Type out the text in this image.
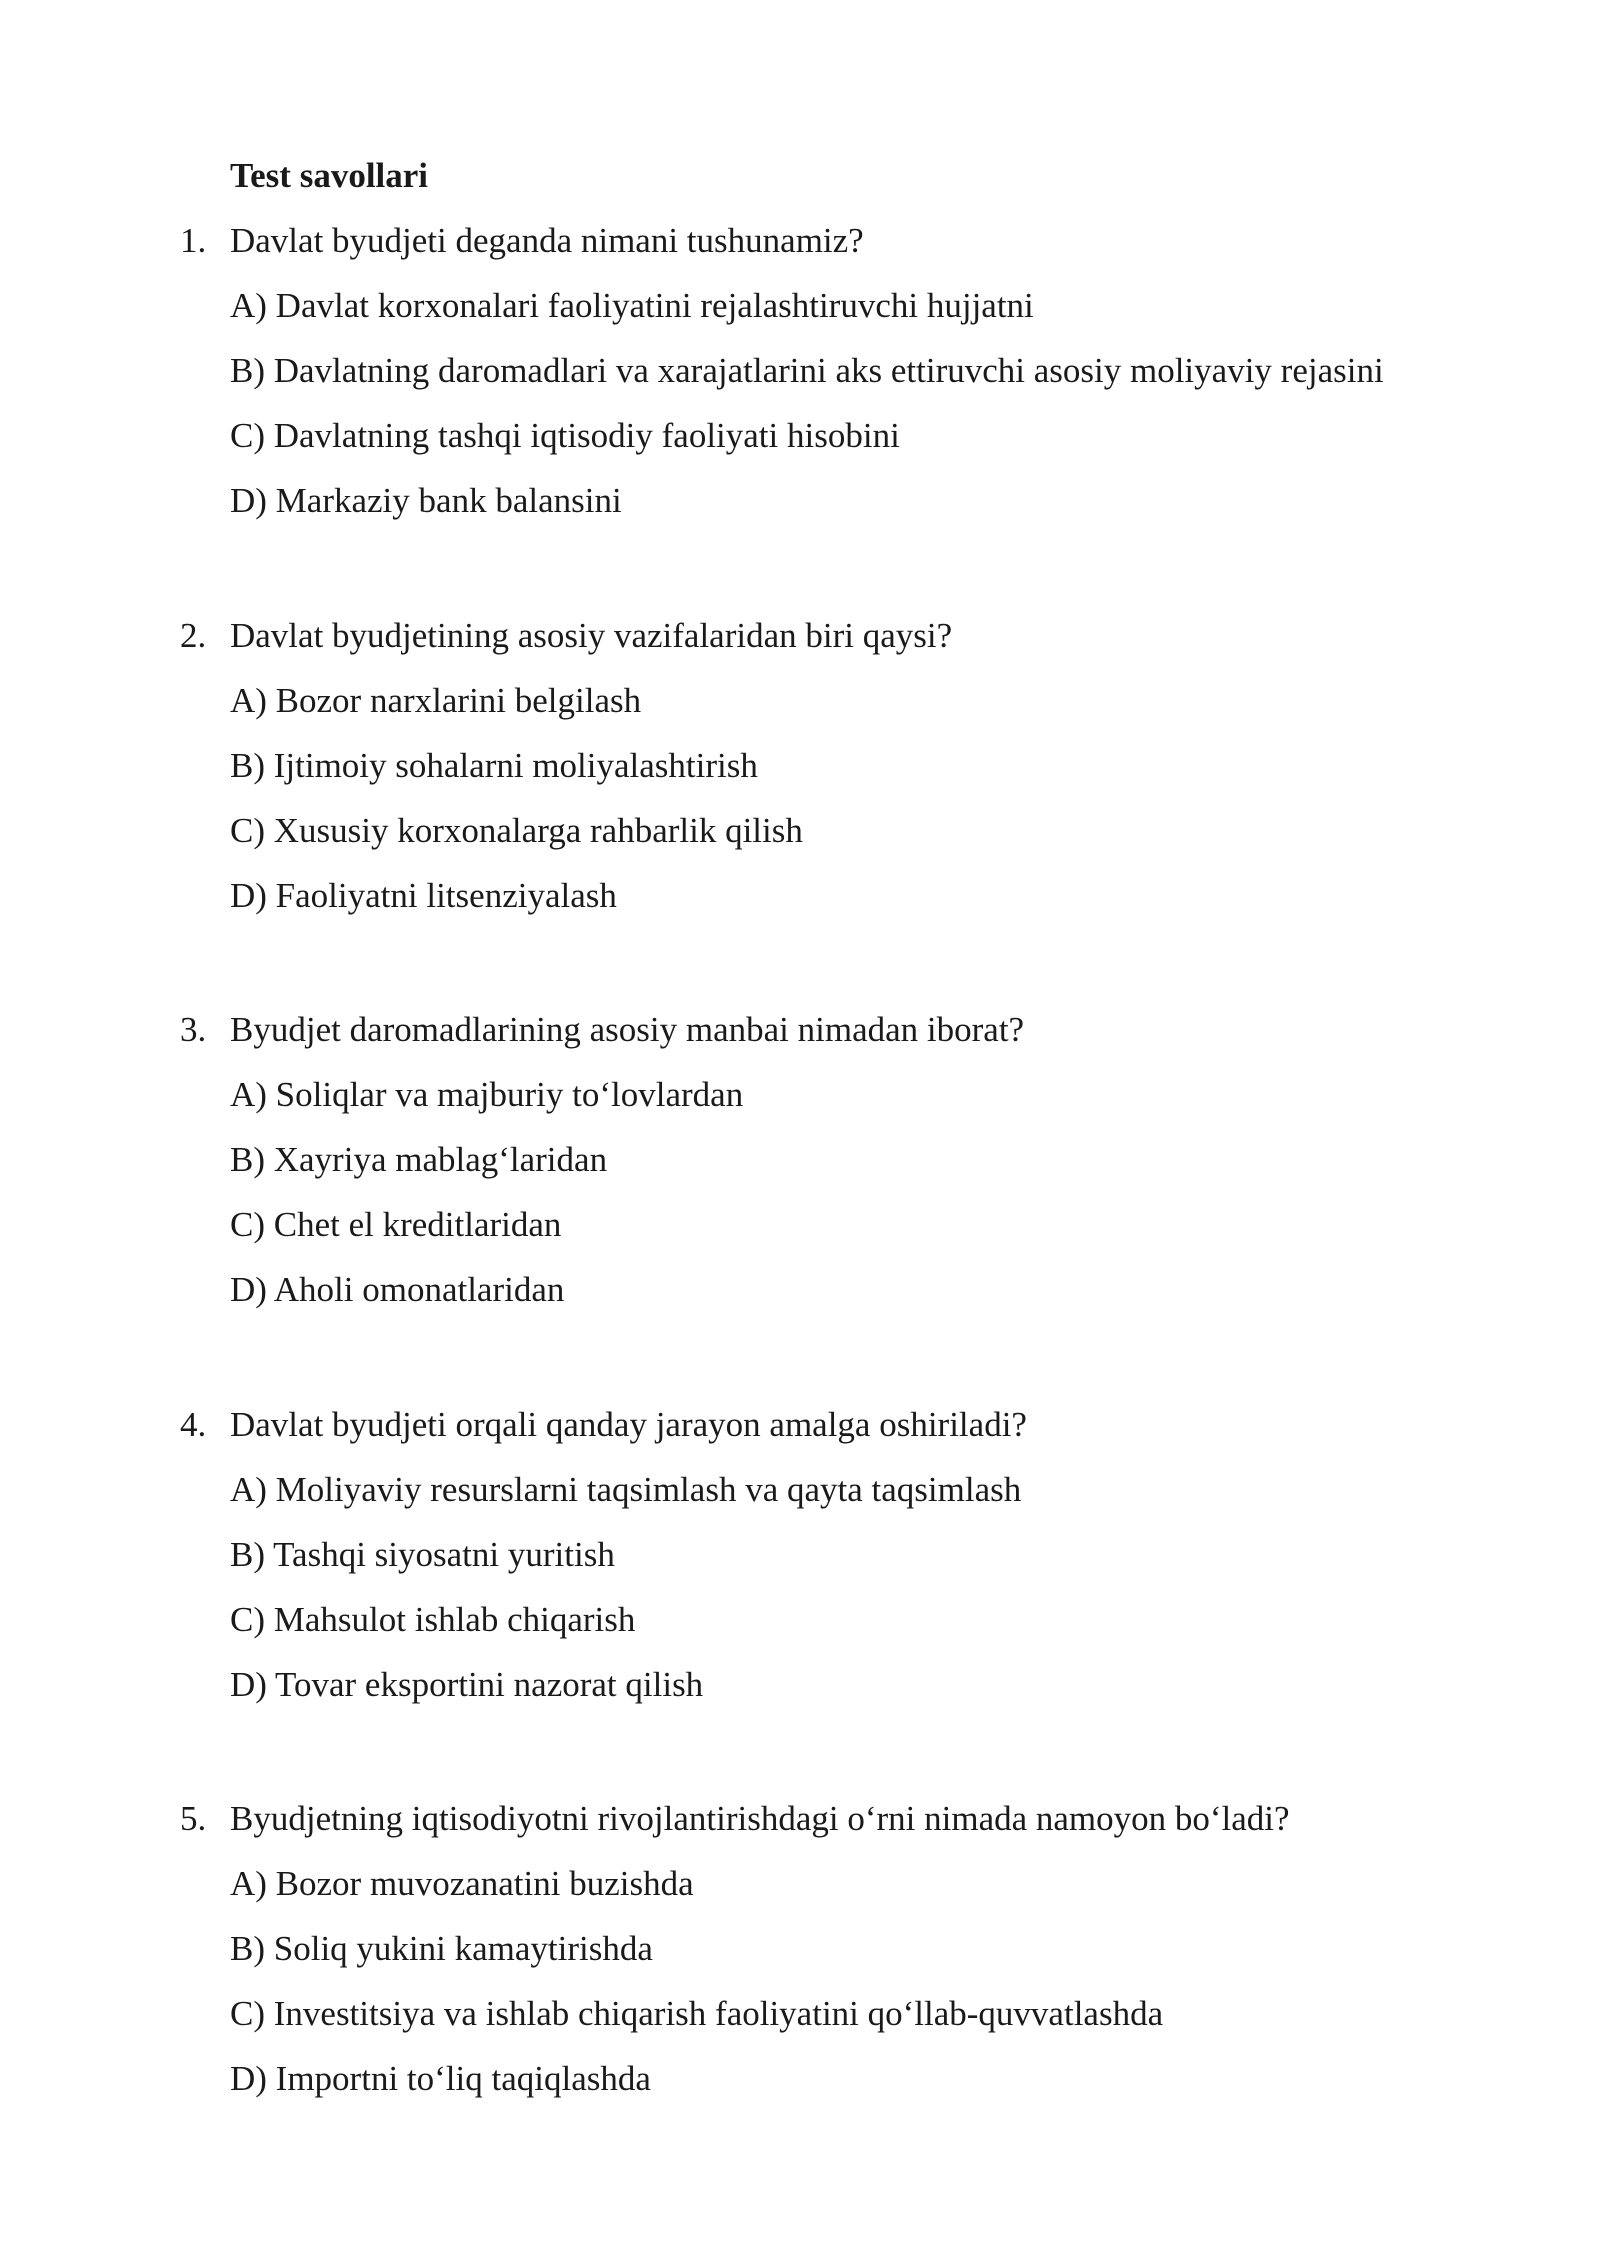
Test savollari
1. Davlat byudjeti deganda nimani tushunamiz?
A) Davlat korxonalari faoliyatini rejalashtiruvchi hujjatni
B) Davlatning daromadlari va xarajatlarini aks ettiruvchi asosiy moliyaviy rejasini
C) Davlatning tashqi iqtisodiy faoliyati hisobini
D) Markaziy bank balansini
2. Davlat byudjetining asosiy vazifalaridan biri qaysi?
A) Bozor narxlarini belgilash
B) Ijtimoiy sohalarni moliyalashtirish
C) Xususiy korxonalarga rahbarlik qilish
D) Faoliyatni litsenziyalash
3. Byudjet daromadlarining asosiy manbai nimadan iborat?
A) Soliqlar va majburiy to‘lovlardan
B) Xayriya mablag‘laridan
C) Chet el kreditlaridan
D) Aholi omonatlaridan
4. Davlat byudjeti orqali qanday jarayon amalga oshiriladi?
A) Moliyaviy resurslarni taqsimlash va qayta taqsimlash
B) Tashqi siyosatni yuritish
C) Mahsulot ishlab chiqarish
D) Tovar eksportini nazorat qilish
5. Byudjetning iqtisodiyotni rivojlantirishdagi o‘rni nimada namoyon bo‘ladi?
A) Bozor muvozanatini buzishda
B) Soliq yukini kamaytirishda
C) Investitsiya va ishlab chiqarish faoliyatini qo‘llab-quvvatlashda
D) Importni to‘liq taqiqlashda
